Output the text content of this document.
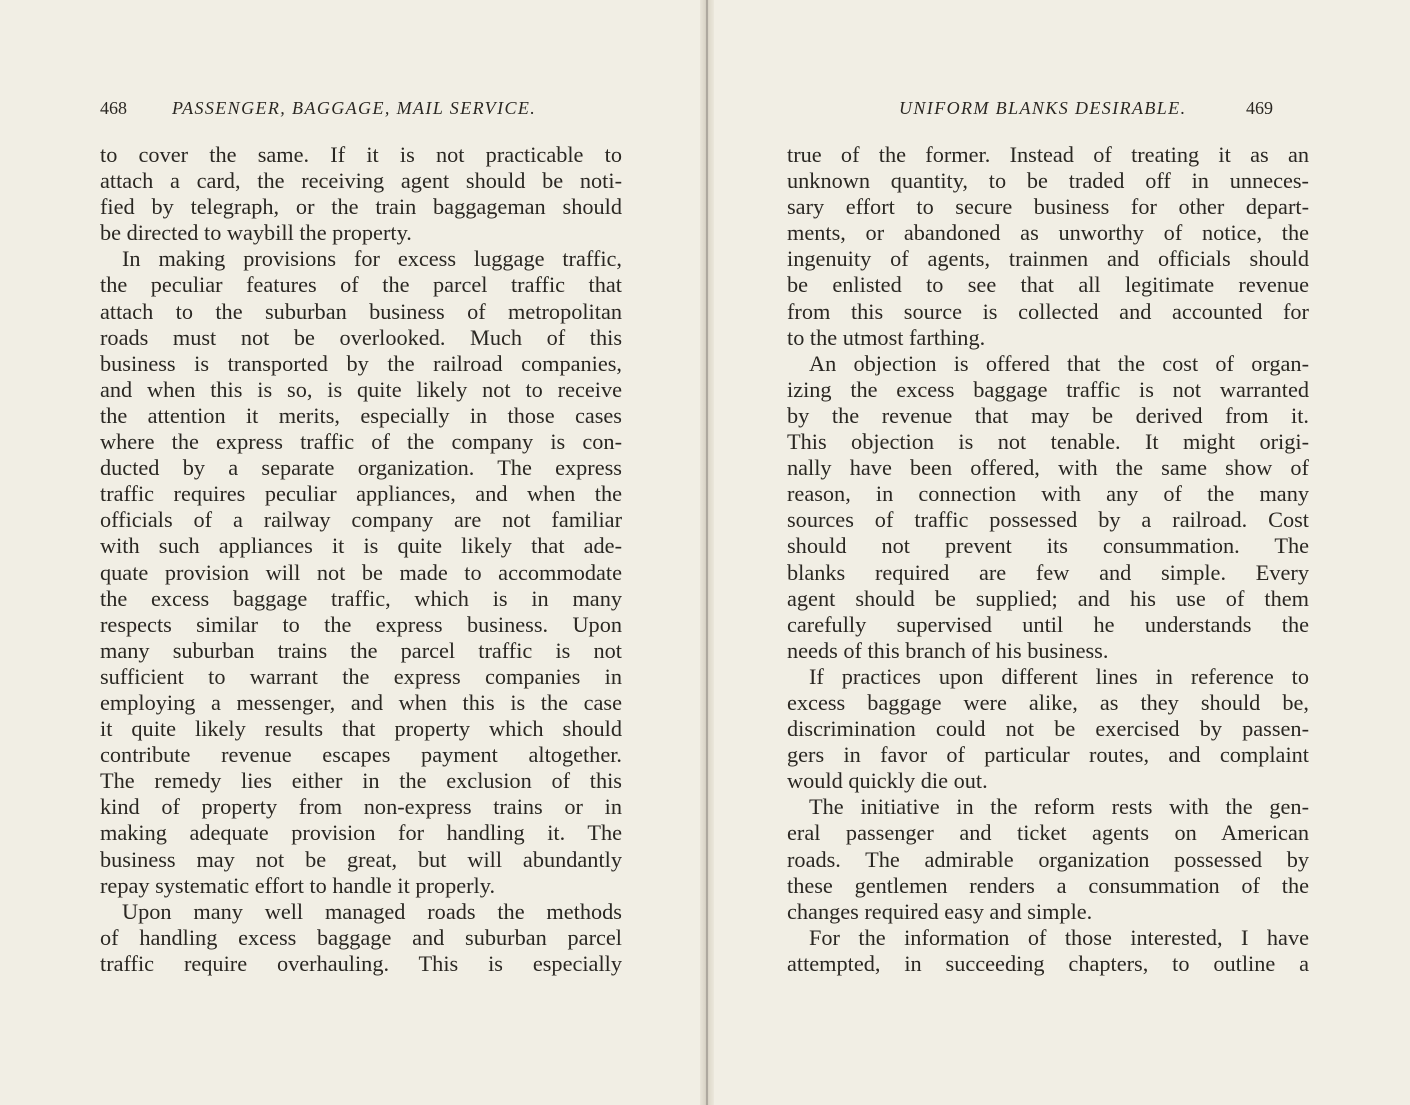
468	PASSENGER, BAGGAGE, MAIL SERVICE.
to cover the same. If it is not practicable to
attach a card, the receiving agent should be noti-
fied by telegraph, or the train baggageman should
be directed to waybill the property.
In making provisions for excess luggage traffic,
the peculiar features of the parcel traffic that
attach to the suburban business of metropolitan
roads must not be overlooked. Much of this
business is transported by the railroad companies,
and when this is so, is quite likely not to receive
the attention it merits, especially in those cases
where the express traffic of the company is con-
ducted by a separate organization. The express
traffic requires peculiar appliances, and when the
officials of a railway company are not familiar
with such appliances it is quite likely that ade-
quate provision will not be made to accommodate
the excess baggage traffic, which is in many
respects similar to the express business. Upon
many suburban trains the parcel traffic is not
sufficient to warrant the express companies in
employing a messenger, and when this is the case
it quite likely results that property which should
contribute revenue escapes payment altogether.
The remedy lies either in the exclusion of this
kind of property from non-express trains or in
making adequate provision for handling it. The
business may not be great, but will abundantly
repay systematic effort to handle it properly.
Upon many well managed roads the methods
of handling excess baggage and suburban parcel
traffic require overhauling. This is especially
UNIFORM BLANKS DESIRABLE.	469
true of the former. Instead of treating it as an
unknown quantity, to be traded off in unneces-
sary effort to secure business for other depart-
ments, or abandoned as unworthy of notice, the
ingenuity of agents, trainmen and officials should
be enlisted to see that all legitimate revenue
from this source is collected and accounted for
to the utmost farthing.
An objection is offered that the cost of organ-
izing the excess baggage traffic is not warranted
by the revenue that may be derived from it.
This objection is not tenable. It might origi-
nally have been offered, with the same show of
reason, in connection with any of the many
sources of traffic possessed by a railroad. Cost
should not prevent its consummation. The
blanks required are few and simple. Every
agent should be supplied; and his use of them
carefully supervised until he understands the
needs of this branch of his business.
If practices upon different lines in reference to
excess baggage were alike, as they should be,
discrimination could not be exercised by passen-
gers in favor of particular routes, and complaint
would quickly die out.
The initiative in the reform rests with the gen-
eral passenger and ticket agents on American
roads. The admirable organization possessed by
these gentlemen renders a consummation of the
changes required easy and simple.
For the information of those interested, I have
attempted, in succeeding chapters, to outline a
